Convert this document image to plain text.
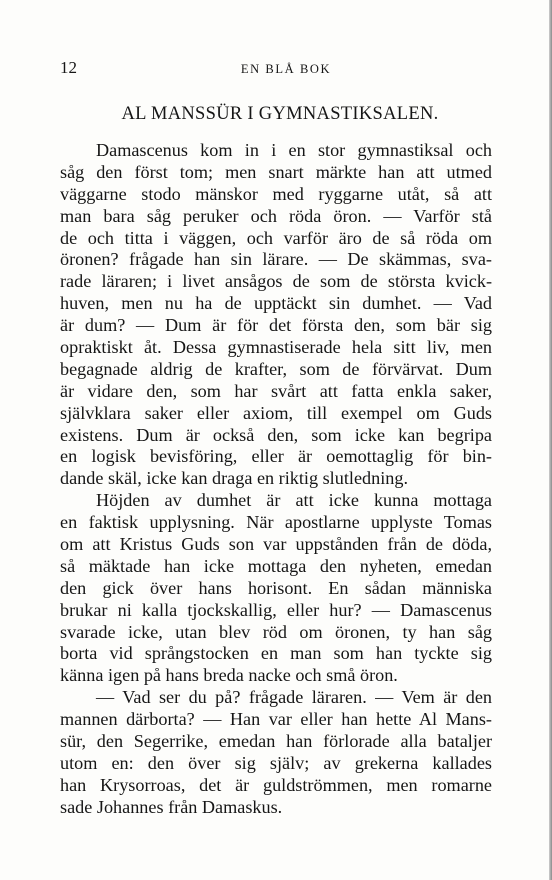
12	EN BLÅ BOK
AL MANSSÜR I GYMNASTIKSALEN.
Damascenus kom in i en stor gymnastiksal och
såg den först tom; men snart märkte han att utmed
väggarne stodo mänskor med ryggarne utåt, så att
man bara såg peruker och röda öron. — Varför stå
de och titta i väggen, och varför äro de så röda om
öronen? frågade han sin lärare. — De skämmas, sva-
rade läraren; i livet ansågos de som de största kvick-
huven, men nu ha de upptäckt sin dumhet. — Vad
är dum? — Dum är för det första den, som bär sig
opraktiskt åt. Dessa gymnastiserade hela sitt liv, men
begagnade aldrig de krafter, som de förvärvat. Dum
är vidare den, som har svårt att fatta enkla saker,
självklara saker eller axiom, till exempel om Guds
existens. Dum är också den, som icke kan begripa
en logisk bevisföring, eller är oemottaglig för bin-
dande skäl, icke kan draga en riktig slutledning.
Höjden av dumhet är att icke kunna mottaga
en faktisk upplysning. När apostlarne upplyste Tomas
om att Kristus Guds son var uppstånden från de döda,
så mäktade han icke mottaga den nyheten, emedan
den gick över hans horisont. En sådan människa
brukar ni kalla tjockskallig, eller hur? — Damascenus
svarade icke, utan blev röd om öronen, ty han såg
borta vid språngstocken en man som han tyckte sig
känna igen på hans breda nacke och små öron.
— Vad ser du på? frågade läraren. — Vem är den
mannen därborta? — Han var eller han hette Al Mans-
sür, den Segerrike, emedan han förlorade alla bataljer
utom en: den över sig själv; av grekerna kallades
han Krysorroas, det är guldströmmen, men romarne
sade Johannes från Damaskus.
